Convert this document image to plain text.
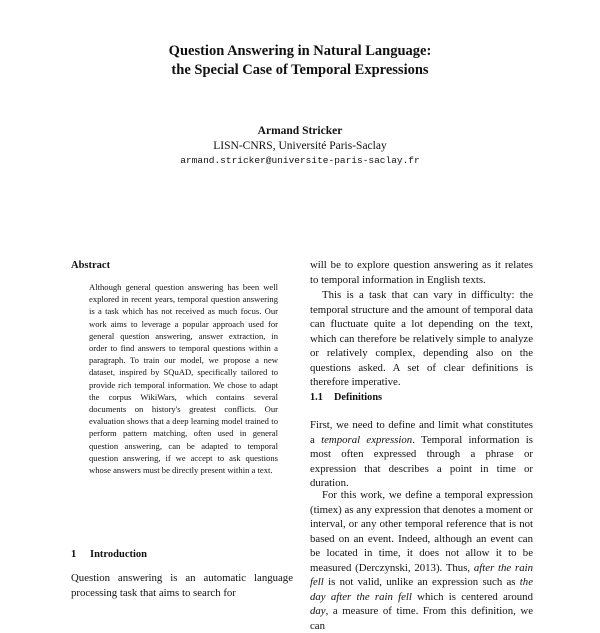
Question Answering in Natural Language:
the Special Case of Temporal Expressions
Armand Stricker
LISN-CNRS, Université Paris-Saclay
armand.stricker@universite-paris-saclay.fr
Abstract

Although general question answering has been well explored in recent years, temporal question answering is a task which has not received as much focus. Our work aims to leverage a popular approach used for general question answering, answer extraction, in order to find answers to temporal questions within a paragraph. To train our model, we propose a new dataset, inspired by SQuAD, specifically tailored to provide rich temporal information. We chose to adapt the corpus WikiWars, which contains several documents on history's greatest conflicts. Our evaluation shows that a deep learning model trained to perform pattern matching, often used in general question answering, can be adapted to temporal question answering, if we accept to ask questions whose answers must be directly present within a text.

1 Introduction

Question answering is an automatic language processing task that aims to search for

will be to explore question answering as it relates to temporal information in English texts.

This is a task that can vary in difficulty: the temporal structure and the amount of temporal data can fluctuate quite a lot depending on the text, which can therefore be relatively simple to analyze or relatively complex, depending also on the questions asked. A set of clear definitions is therefore imperative.

1.1 Definitions

First, we need to define and limit what constitutes a temporal expression. Temporal information is most often expressed through a phrase or expression that describes a point in time or duration.

For this work, we define a temporal expression (timex) as any expression that denotes a moment or interval, or any other temporal reference that is not based on an event. Indeed, although an event can be located in time, it does not allow it to be measured (Derczynski, 2013). Thus, after the rain fell is not valid, unlike an expression such as the day after the rain fell which is centered around day, a measure of time. From this definition, we can
